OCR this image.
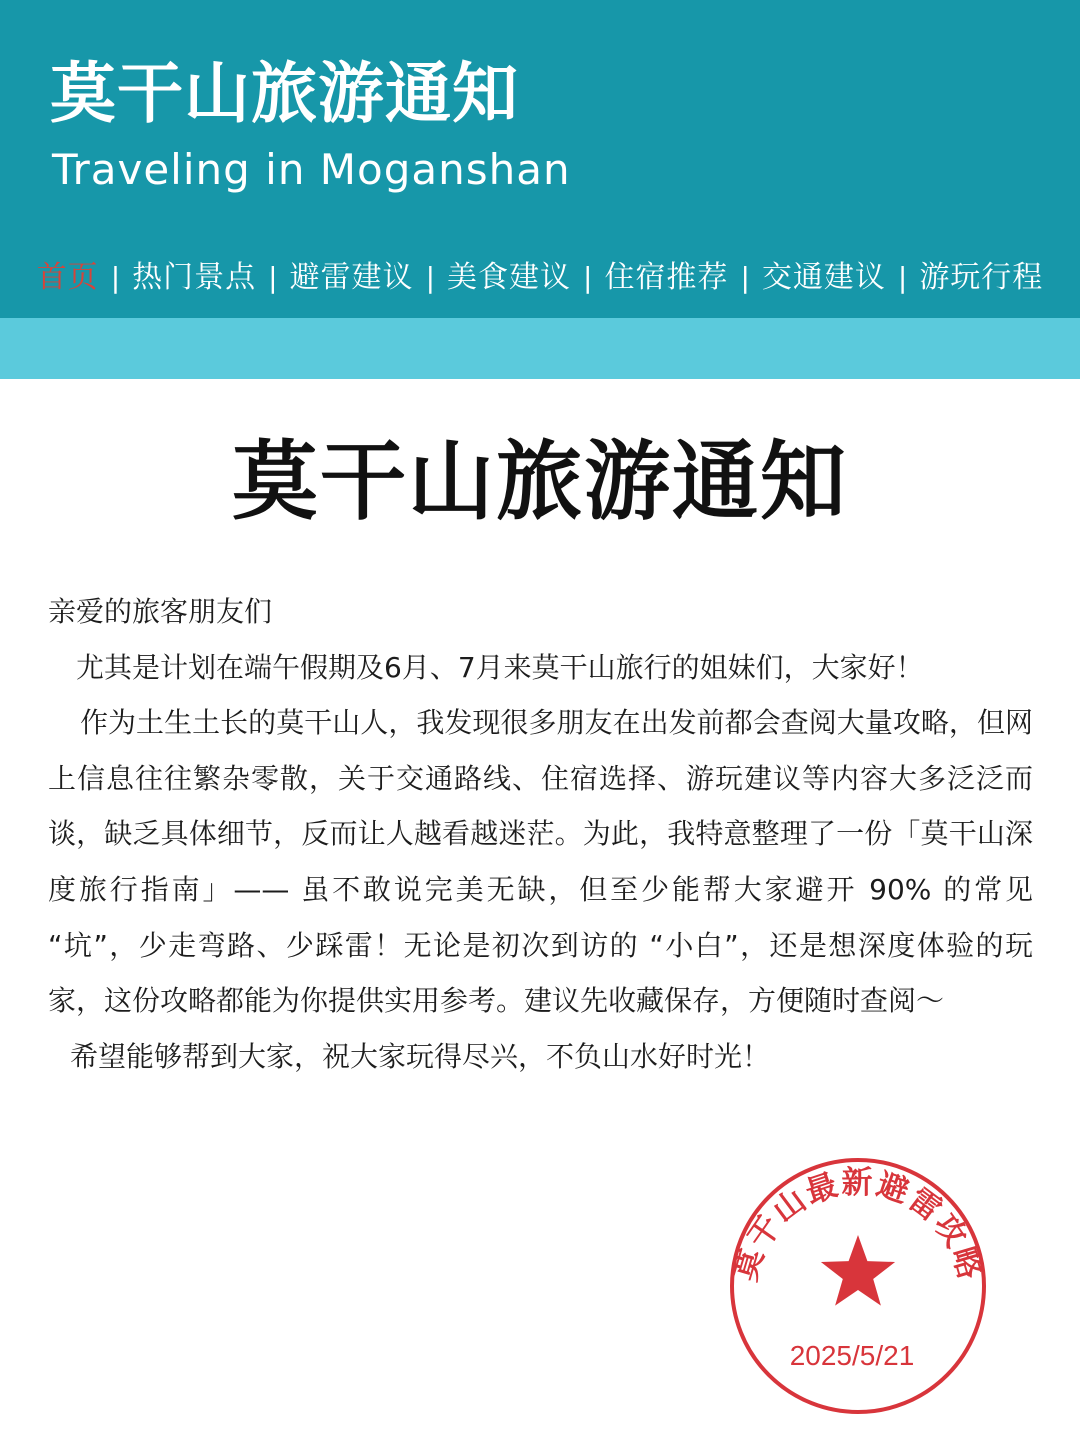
莫干山旅游通知
Traveling in Moganshan
首页 | 热门景点 | 避雷建议 | 美食建议 | 住宿推荐 | 交通建议 | 游玩行程
莫干山旅游通知

亲爱的旅客朋友们

尤其是计划在端午假期及6月、7月来莫干山旅行的姐妹们，大家好！

作为土生土长的莫干山人，我发现很多朋友在出发前都会查阅大量攻略，但网上信息往往繁杂零散，关于交通路线、住宿选择、游玩建议等内容大多泛泛而谈，缺乏具体细节，反而让人越看越迷茫。为此，我特意整理了一份「莫干山深度旅行指南」—— 虽不敢说完美无缺，但至少能帮大家避开 90% 的常见 “坑”，少走弯路、少踩雷！无论是初次到访的 “小白”，还是想深度体验的玩家，这份攻略都能为你提供实用参考。建议先收藏保存，方便随时查阅～

希望能够帮到大家，祝大家玩得尽兴，不负山水好时光！

莫干山最新避雷攻略
2025/5/21
